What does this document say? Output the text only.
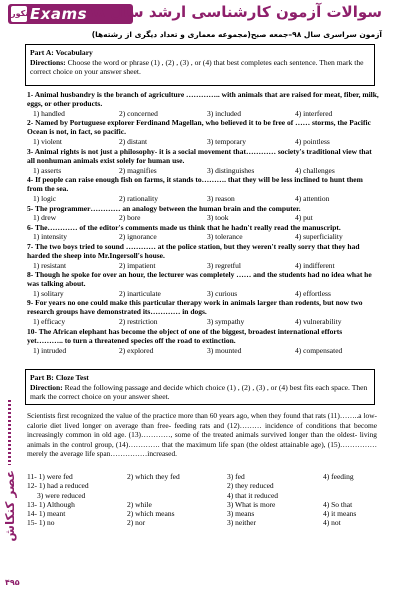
کنکور
Exams سوالات آزمون کارشناسی ارشد سال ۹۸
آزمون سراسری سال ۹۸–جمعه صبح(مجموعه معماری و تعداد دیگری از رشته‌ها)
Part A: Vocabulary
Directions: Choose the word or phrase (1) , (2) , (3) , or (4) that best completes each sentence. Then mark the correct choice on your answer sheet.
1- Animal husbandry is the branch of agriculture ………….. with animals that are raised for meat, fiber, milk, eggs, or other products.
1) handled	2) concerned	3) included	4) interfered
2- Named by Portuguese explorer Ferdinand Magellan, who believed it to be free of …… storms, the Pacific Ocean is not, in fact, so pacific.
1) violent	2) distant	3) temporary	4) pointless
3- Animal rights is not just a philosophy- it is a social movement that………… society's traditional view that all nonhuman animals exist solely for human use.
1) asserts	2) magnifies	3) distinguishes	4) challenges
4- If people can raise enough fish on farms, it stands to………. that they will be less inclined to hunt them from the sea.
1) logic	2) rationality	3) reason	4) attention
5- The programmer………… an analogy between the human brain and the computer.
1) drew	2) bore	3) took	4) put
6- The………… of the editor's comments made us think that he hadn't really read the manuscript.
1) intensity	2) ignorance	3) tolerance	4) superficiality
7- The two boys tried to sound ………… at the police station, but they weren't really sorry that they had harded the sheep into Mr.Ingersoll's house.
1) resistant	2) impatient	3) regretful	4) indifferent
8- Though he spoke for over an hour, the lecturer was completely …… and the students had no idea what he was talking about.
1) solitary	2) inarticulate	3) curious	4) effortless
9- For years no one could make this particular therapy work in animals larger than rodents, but now two research groups have demonstrated its………… in dogs.
1) efficacy	2) restriction	3) sympathy	4) vulnerability
10- The African elephant has become the object of one of the biggest, broadest international efforts yet……….. to turn a threatened species off the road to extinction.
1) intruded	2) explored	3) mounted	4) compensated
Part B: Cloze Test
Direction: Read the following passage and decide which choice (1) , (2) , (3) , or (4) best fits each space. Then mark the correct choice on your answer sheet.
Scientists first recognized the value of the practice more than 60 years ago, when they found that rats (11)……..a low- calorie diet lived longer on average than free- feeding rats and (12)……… incidence of conditions that become increasingly common in old age. (13)…………, some of the treated animals survived longer than the oldest- living animals in the control group, (14)…………. that the maximum life span (the oldest attainable age), (15)……………merely the average life span……………increased.
11- 1) were fed	2) which they fed	3) fed	4) feeding
12- 1) had a reduced	2) they reduced
3) were reduced	4) that it reduced
13- 1) Although	2) while	3) What is more	4) So that
14- 1) meant	2) which means	3) means	4) it means
15- 1) no	2) nor	3) neither	4) not
عصر کنکاش
۴۹۵
